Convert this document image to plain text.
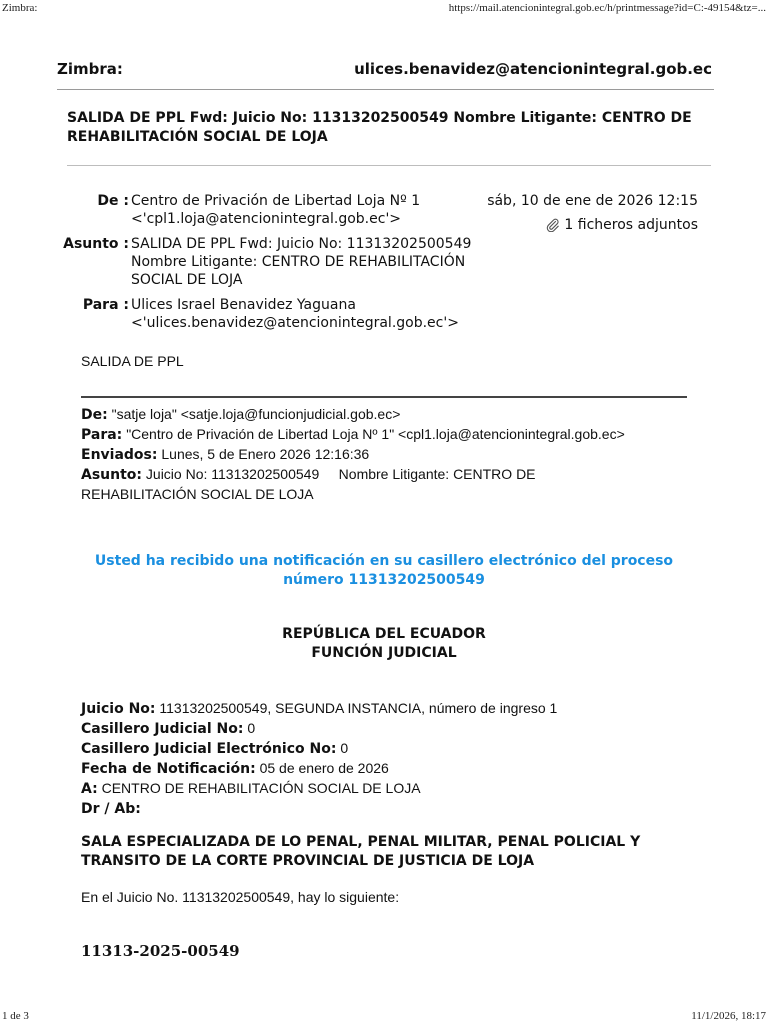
Zimbra:	https://mail.atencionintegral.gob.ec/h/printmessage?id=C:-49154&tz=...
Zimbra:	ulices.benavidez@atencionintegral.gob.ec
SALIDA DE PPL Fwd: Juicio No: 11313202500549 Nombre Litigante: CENTRO DE REHABILITACIÓN SOCIAL DE LOJA
De : Centro de Privación de Libertad Loja Nº 1
<'cpl1.loja@atencionintegral.gob.ec'>
sáb, 10 de ene de 2026 12:15
1 ficheros adjuntos
Asunto : SALIDA DE PPL Fwd: Juicio No: 11313202500549
Nombre Litigante: CENTRO DE REHABILITACIÓN
SOCIAL DE LOJA
Para : Ulices Israel Benavidez Yaguana
<'ulices.benavidez@atencionintegral.gob.ec'>
SALIDA DE PPL
De: "satje loja" <satje.loja@funcionjudicial.gob.ec>
Para: "Centro de Privación de Libertad Loja Nº 1" <cpl1.loja@atencionintegral.gob.ec>
Enviados: Lunes, 5 de Enero 2026 12:16:36
Asunto: Juicio No: 11313202500549     Nombre Litigante: CENTRO DE
REHABILITACIÓN SOCIAL DE LOJA
Usted ha recibido una notificación en su casillero electrónico del proceso
número 11313202500549
REPÚBLICA DEL ECUADOR
FUNCIÓN JUDICIAL
Juicio No: 11313202500549, SEGUNDA INSTANCIA, número de ingreso 1
Casillero Judicial No: 0
Casillero Judicial Electrónico No: 0
Fecha de Notificación: 05 de enero de 2026
A: CENTRO DE REHABILITACIÓN SOCIAL DE LOJA
Dr / Ab:
SALA ESPECIALIZADA DE LO PENAL, PENAL MILITAR, PENAL POLICIAL Y
TRANSITO DE LA CORTE PROVINCIAL DE JUSTICIA DE LOJA
En el Juicio No. 11313202500549, hay lo siguiente:
11313-2025-00549
1 de 3	11/1/2026, 18:17
